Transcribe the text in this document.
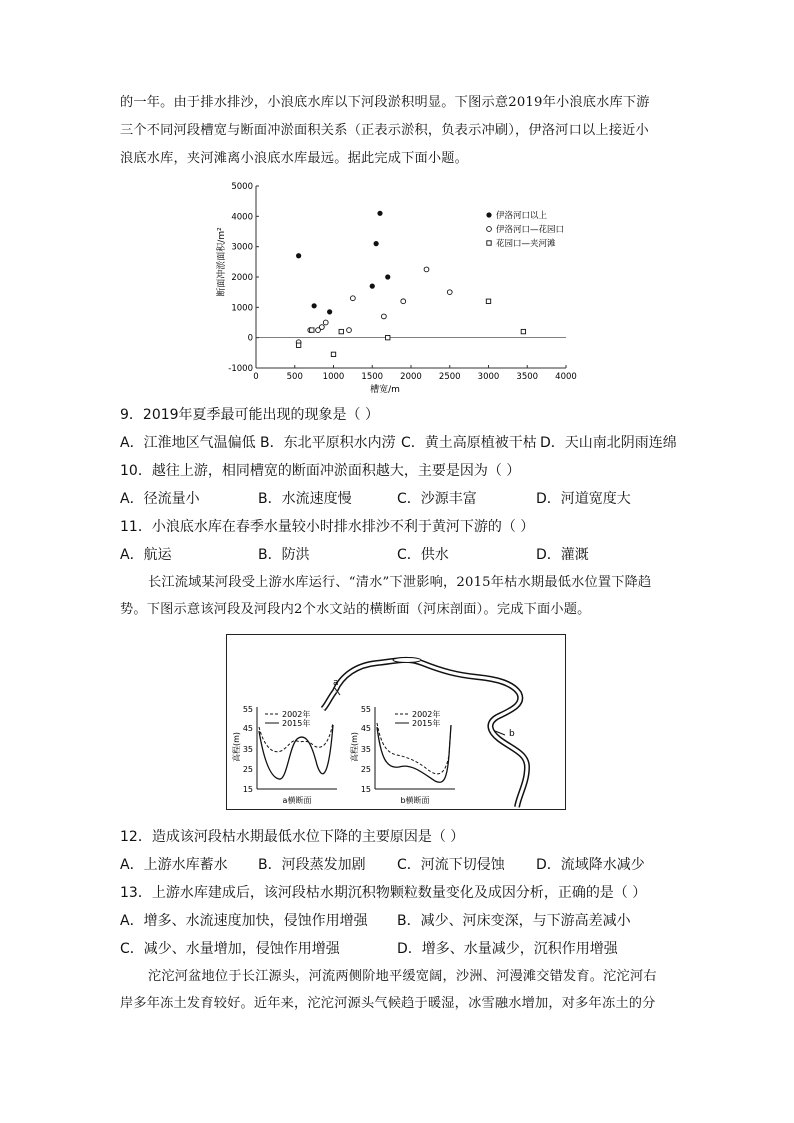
的一年。由于排水排沙，小浪底水库以下河段淤积明显。下图示意2019年小浪底水库下游
三个不同河段槽宽与断面冲淤面积关系（正表示淤积，负表示冲刷），伊洛河口以上接近小
浪底水库，夹河滩离小浪底水库最远。据此完成下面小题。
0	500 1000 1500 2000 2500 3000 3500 4000
5000
4000
3000
2000
1000
0
-1000
伊洛河口以上
伊洛河口—花园口
花园口—夹河滩
槽宽/m
断面冲淤面积/m²
9．2019年夏季最可能出现的现象是（ ）
A．江淮地区气温偏低 B．东北平原积水内涝 C．黄土高原植被干枯 D．天山南北阴雨连绵
10．越往上游，相同槽宽的断面冲淤面积越大，主要是因为（ ）
A．径流量小	B．水流速度慢	C．沙源丰富	D．河道宽度大
11．小浪底水库在春季水量较小时排水排沙不利于黄河下游的（ ）
A．航运	B．防洪	C．供水	D．灌溉
长江流域某河段受上游水库运行、“清水”下泄影响，2015年枯水期最低水位置下降趋
势。下图示意该河段及河段内2个水文站的横断面（河床剖面）。完成下面小题。
a
b
55
45
35
25
15
高程(m)
2002年
2015年
a横断面
55
45
35
25
15
高程(m)
2002年
2015年
b横断面
12．造成该河段枯水期最低水位下降的主要原因是（ ）
A．上游水库蓄水 B．河段蒸发加剧 C．河流下切侵蚀 D．流域降水减少
13．上游水库建成后，该河段枯水期沉积物颗粒数量变化及成因分析，正确的是（ ）
A．增多、水流速度加快，侵蚀作用增强 B．减少、河床变深，与下游高差减小
C．减少、水量增加，侵蚀作用增强	D．增多、水量减少，沉积作用增强
沱沱河盆地位于长江源头，河流两侧阶地平缓宽阔，沙洲、河漫滩交错发育。沱沱河右
岸多年冻土发育较好。近年来，沱沱河源头气候趋于暖湿，冰雪融水增加，对多年冻土的分
